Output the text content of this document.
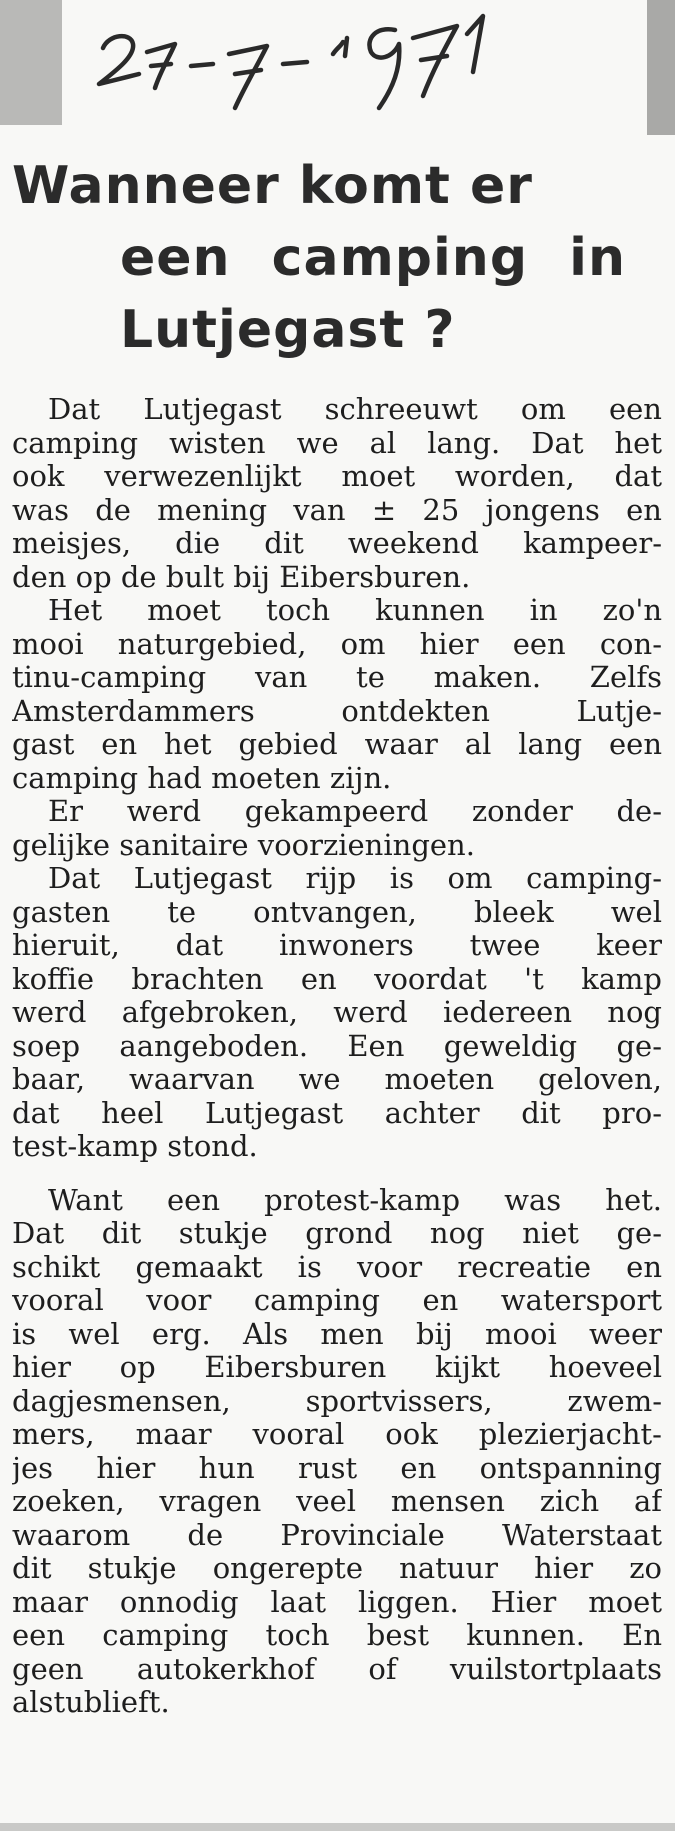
Wanneer komt er
een camping in
Lutjegast ?

Dat Lutjegast schreeuwt om een
camping wisten we al lang. Dat het
ook verwezenlijkt moet worden, dat
was de mening van ± 25 jongens en
meisjes, die dit weekend kampeer-
den op de bult bij Eibersburen.

Het moet toch kunnen in zo'n
mooi naturgebied, om hier een con-
tinu-camping van te maken. Zelfs
Amsterdammers ontdekten Lutje-
gast en het gebied waar al lang een
camping had moeten zijn.

Er werd gekampeerd zonder de-
gelijke sanitaire voorzieningen.

Dat Lutjegast rijp is om camping-
gasten te ontvangen, bleek wel
hieruit, dat inwoners twee keer
koffie brachten en voordat 't kamp
werd afgebroken, werd iedereen nog
soep aangeboden. Een geweldig ge-
baar, waarvan we moeten geloven,
dat heel Lutjegast achter dit pro-
test-kamp stond.

Want een protest-kamp was het.
Dat dit stukje grond nog niet ge-
schikt gemaakt is voor recreatie en
vooral voor camping en watersport
is wel erg. Als men bij mooi weer
hier op Eibersburen kijkt hoeveel
dagjesmensen, sportvissers, zwem-
mers, maar vooral ook plezierjacht-
jes hier hun rust en ontspanning
zoeken, vragen veel mensen zich af
waarom de Provinciale Waterstaat
dit stukje ongerepte natuur hier zo
maar onnodig laat liggen. Hier moet
een camping toch best kunnen. En
geen autokerkhof of vuilstortplaats
alstublieft.
